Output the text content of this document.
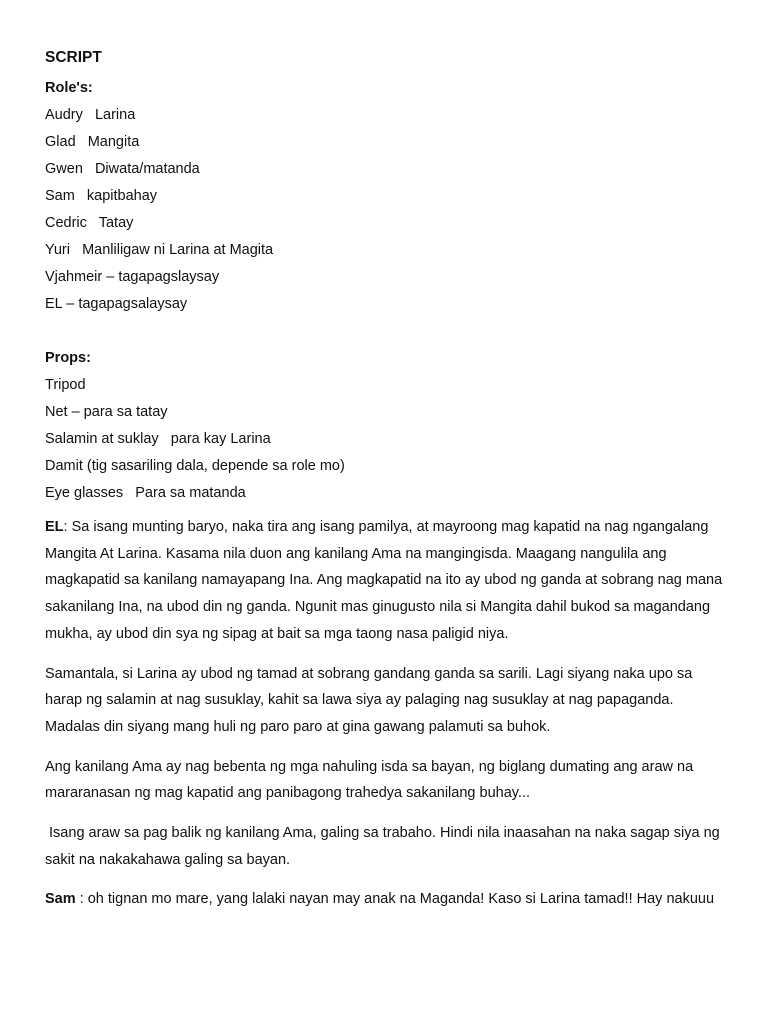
SCRIPT

Role's:

Audry   Larina

Glad   Mangita

Gwen   Diwata/matanda

Sam   kapitbahay

Cedric   Tatay

Yuri   Manliligaw ni Larina at Magita

Vjahmeir – tagapagslaysay

EL – tagapagsalaysay

Props:

Tripod

Net – para sa tatay

Salamin at suklay   para kay Larina

Damit (tig sasariling dala, depende sa role mo)

Eye glasses   Para sa matanda

EL: Sa isang munting baryo, naka tira ang isang pamilya, at mayroong mag kapatid na nag ngangalang Mangita At Larina. Kasama nila duon ang kanilang Ama na mangingisda. Maagang nangulila ang magkapatid sa kanilang namayapang Ina. Ang magkapatid na ito ay ubod ng ganda at sobrang nag mana sakanilang Ina, na ubod din ng ganda. Ngunit mas ginugusto nila si Mangita dahil bukod sa magandang mukha, ay ubod din sya ng sipag at bait sa mga taong nasa paligid niya.

Samantala, si Larina ay ubod ng tamad at sobrang gandang ganda sa sarili. Lagi siyang naka upo sa harap ng salamin at nag susuklay, kahit sa lawa siya ay palaging nag susuklay at nag papaganda. Madalas din siyang mang huli ng paro paro at gina gawang palamuti sa buhok.

Ang kanilang Ama ay nag bebenta ng mga nahuling isda sa bayan, ng biglang dumating ang araw na mararanasan ng mag kapatid ang panibagong trahedya sakanilang buhay...

Isang araw sa pag balik ng kanilang Ama, galing sa trabaho. Hindi nila inaasahan na naka sagap siya ng sakit na nakakahawa galing sa bayan.

Sam : oh tignan mo mare, yang lalaki nayan may anak na Maganda! Kaso si Larina tamad!! Hay nakuuu
